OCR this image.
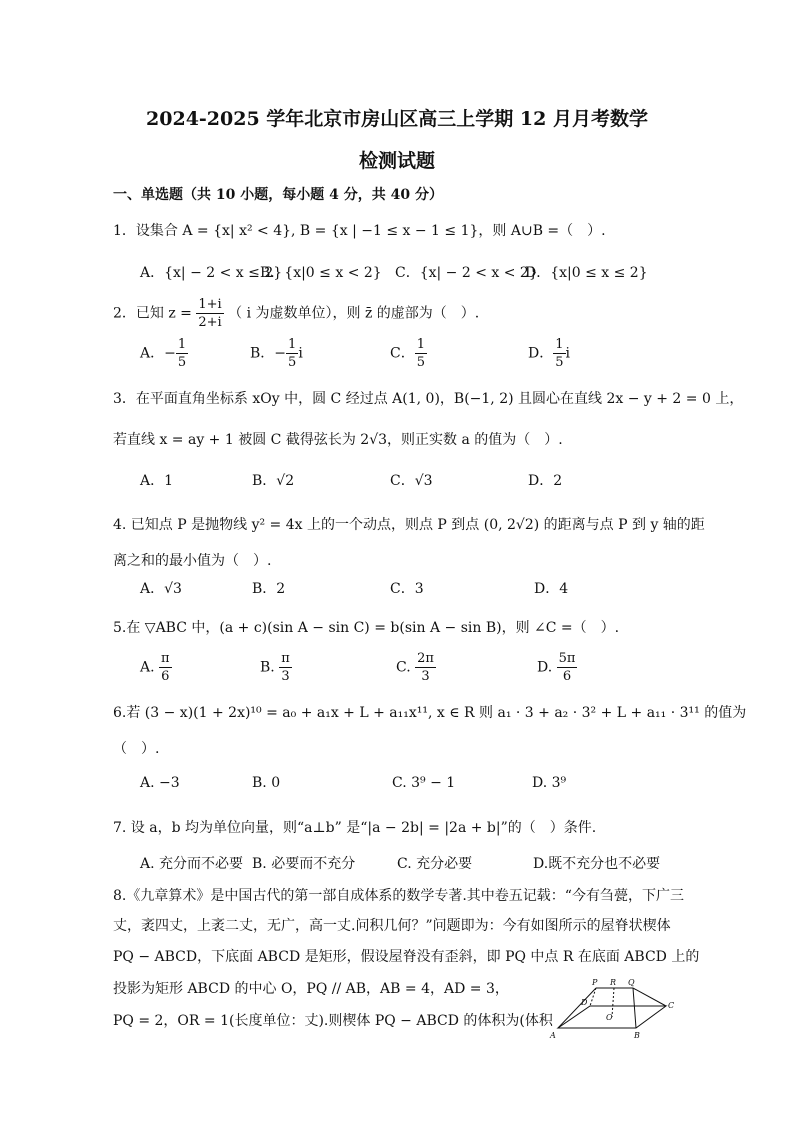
2024-2025 学年北京市房山区高三上学期 12 月月考数学
检测试题
一、单选题（共 10 小题，每小题 4 分，共 40 分）
1．设集合 A = {x| x² < 4}, B = {x | −1 ≤ x − 1 ≤ 1}，则 A∪B =（　）.
A．{x| − 2 < x ≤ 2}
B．{x|0 ≤ x < 2} C．{x| − 2 < x < 2}
D．{x|0 ≤ x ≤ 2}
2．已知 $z = \frac{1+i}{2+i}$ （ i 为虚数单位），则 z̄ 的虚部为（　）.
A．− $\frac{1}{5}$	B．− $\frac{1}{5}$ i	C． $\frac{1}{5}$	D． $\frac{1}{5}$ i
3．在平面直角坐标系 xOy 中，圆 C 经过点 A(1, 0)，B(−1, 2) 且圆心在直线 2x − y + 2 = 0 上，
若直线 x = ay + 1 被圆 C 截得弦长为 2√3，则正实数 a 的值为（　）.
A．1	B．√2	C．√3	D．2
4. 已知点 P 是抛物线 y² = 4x 上的一个动点，则点 P 到点 (0, 2√2) 的距离与点 P 到 y 轴的距
离之和的最小值为（　）.
A．√3	B．2	C．3	D．4
5.在 ▽ABC 中，(a + c)(sin A − sin C) = b(sin A − sin B)，则 ∠C =（　）.
A. $\frac{\pi}{6}$	B. $\frac{\pi}{3}$	C. $\frac{2\pi}{3}$	D. $\frac{5\pi}{6}$
6.若 (3 − x)(1 + 2x)¹⁰ = a₀ + a₁x + L + a₁₁x¹¹, x ∈ R 则 a₁ · 3 + a₂ · 3² + L + a₁₁ · 3¹¹ 的值为
（　）.
A. −3	B. 0	C. 3⁹ − 1	D. 3⁹
7. 设 a，b 均为单位向量，则“a⊥b” 是“|a − 2b| = |2a + b|”的（　）条件.
A. 充分而不必要 B. 必要而不充分	C. 充分必要	D.既不充分也不必要
8.《九章算术》是中国古代的第一部自成体系的数学专著.其中卷五记载：“今有刍甍，下广三
丈，袤四丈，上袤二丈，无广，高一丈.问积几何？”问题即为：今有如图所示的屋脊状楔体
PQ − ABCD，下底面 ABCD 是矩形，假设屋脊没有歪斜，即 PQ 中点 R 在底面 ABCD 上的
投影为矩形 ABCD 的中心 O，PQ // AB，AB = 4，AD = 3，
PQ = 2，OR = 1(长度单位：丈).则楔体 PQ − ABCD 的体积为(体积
P R Q
D	C
O
A	B
